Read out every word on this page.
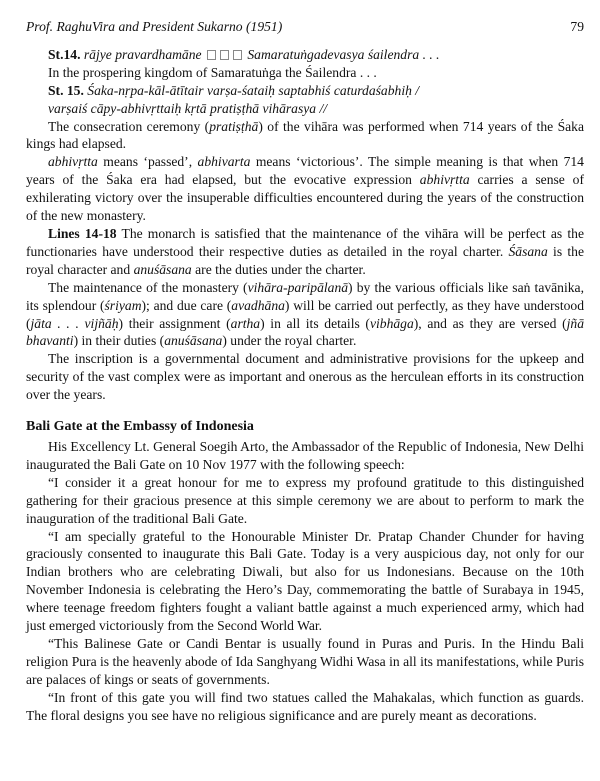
Prof. RaghuVira and President Sukarno (1951)	79

St.14. rājye pravardhamāne	Samaratuṅgadevasya śailendra . . .

In the prospering kingdom of Samaratuṅga the Śailendra . . .

St. 15. Śaka-nṛpa-kāl-ātītair varṣa-śataiḥ saptabhiś caturdaśabhiḥ /

varṣaiś cāpy-abhivṛttaiḥ kṛtā pratiṣṭhā vihārasya //

The consecration ceremony (pratiṣṭhā) of the vihāra was performed when 714 years of the Śaka kings had elapsed.

abhivṛtta means ‘passed’, abhivarta means ‘victorious’. The simple meaning is that when 714 years of the Śaka era had elapsed, but the evocative expression abhivṛtta carries a sense of exhilerating victory over the insuperable difficulties encountered during the years of the construction of the new monastery.

Lines 14-18 The monarch is satisfied that the maintenance of the vihāra will be perfect as the functionaries have understood their respective duties as detailed in the royal charter. Śāsana is the royal character and anuśāsana are the duties under the charter.

The maintenance of the monastery (vihāra-paripālanā) by the various officials like saṅ tavānika, its splendour (śriyam); and due care (avadhāna) will be carried out perfectly, as they have understood (jāta . . . vijñāḥ) their assignment (artha) in all its details (vibhāga), and as they are versed (jñā bhavanti) in their duties (anuśāsana) under the royal charter.

The inscription is a governmental document and administrative provisions for the upkeep and security of the vast complex were as important and onerous as the herculean efforts in its construction over the years.

Bali Gate at the Embassy of Indonesia

His Excellency Lt. General Soegih Arto, the Ambassador of the Republic of Indonesia, New Delhi inaugurated the Bali Gate on 10 Nov 1977 with the following speech:

“I consider it a great honour for me to express my profound gratitude to this distinguished gathering for their gracious presence at this simple ceremony we are about to perform to mark the inauguration of the traditional Bali Gate.

“I am specially grateful to the Honourable Minister Dr. Pratap Chander Chunder for having graciously consented to inaugurate this Bali Gate. Today is a very auspicious day, not only for our Indian brothers who are celebrating Diwali, but also for us Indonesians. Because on the 10th November Indonesia is celebrating the Hero’s Day, commemorating the battle of Surabaya in 1945, where teenage freedom fighters fought a valiant battle against a much experienced army, which had just emerged victoriously from the Second World War.

“This Balinese Gate or Candi Bentar is usually found in Puras and Puris. In the Hindu Bali religion Pura is the heavenly abode of Ida Sanghyang Widhi Wasa in all its manifestations, while Puris are palaces of kings or seats of governments.

“In front of this gate you will find two statues called the Mahakalas, which function as guards. The floral designs you see have no religious significance and are purely meant as decorations.
